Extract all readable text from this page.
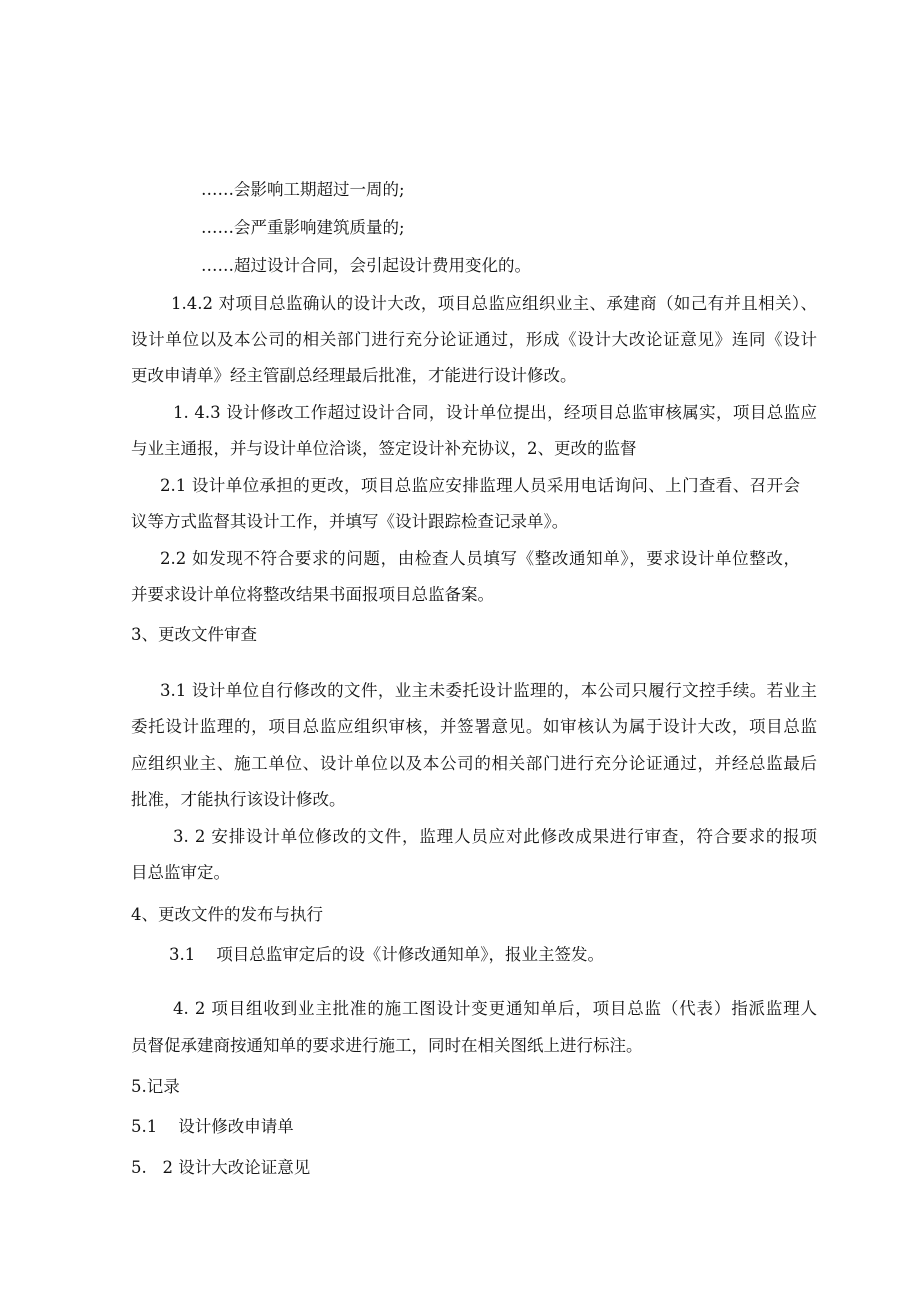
……会影响工期超过一周的;
……会严重影响建筑质量的;
……超过设计合同，会引起设计费用变化的。
1.4.2 对项目总监确认的设计大改，项目总监应组织业主、承建商（如己有并且相关）、
设计单位以及本公司的相关部门进行充分论证通过，形成《设计大改论证意见》连同《设计
更改申请单》经主管副总经理最后批准，才能进行设计修改。
1. 4.3 设计修改工作超过设计合同，设计单位提出，经项目总监审核属实，项目总监应
与业主通报，并与设计单位洽谈，签定设计补充协议，2、更改的监督
2.1 设计单位承担的更改，项目总监应安排监理人员采用电话询问、上门查看、召开会
议等方式监督其设计工作，并填写《设计跟踪检查记录单》。
2.2 如发现不符合要求的问题，由检查人员填写《整改通知单》，要求设计单位整改，
并要求设计单位将整改结果书面报项目总监备案。
3、更改文件审查
3.1 设计单位自行修改的文件，业主未委托设计监理的，本公司只履行文控手续。若业主
委托设计监理的，项目总监应组织审核，并签署意见。如审核认为属于设计大改，项目总监
应组织业主、施工单位、设计单位以及本公司的相关部门进行充分论证通过，并经总监最后
批准，才能执行该设计修改。
3. 2 安排设计单位修改的文件，监理人员应对此修改成果进行审查，符合要求的报项
目总监审定。
4、更改文件的发布与执行
3.1    项目总监审定后的设《计修改通知单》，报业主签发。
4. 2 项目组收到业主批准的施工图设计变更通知单后，项目总监（代表）指派监理人
员督促承建商按通知单的要求进行施工，同时在相关图纸上进行标注。
5.记录
5.1    设计修改申请单
5.   2 设计大改论证意见
